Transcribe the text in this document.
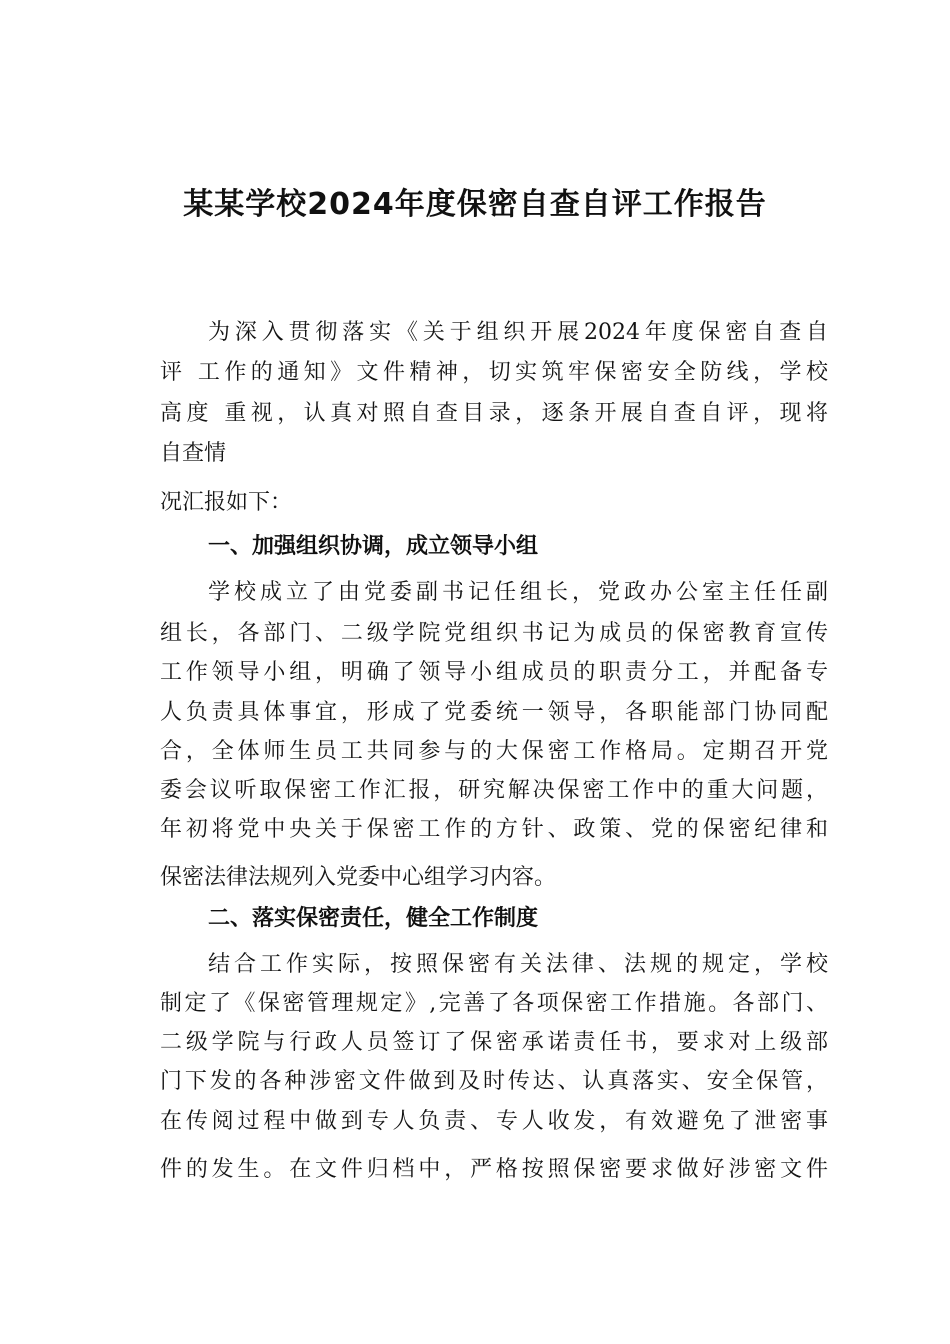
某某学校2024年度保密自查自评工作报告
为深入贯彻落实《关于组织开展2024年度保密自查自
评 工作的通知》文件精神，切实筑牢保密安全防线，学校
高度 重视，认真对照自查目录，逐条开展自查自评，现将
自查情
况汇报如下：
一、加强组织协调，成立领导小组
学校成立了由党委副书记任组长，党政办公室主任任副
组长，各部门、二级学院党组织书记为成员的保密教育宣传
工作领导小组，明确了领导小组成员的职责分工，并配备专
人负责具体事宜，形成了党委统一领导，各职能部门协同配
合，全体师生员工共同参与的大保密工作格局。定期召开党
委会议听取保密工作汇报，研究解决保密工作中的重大问题，
年初将党中央关于保密工作的方针、政策、党的保密纪律和
保密法律法规列入党委中心组学习内容。
二、落实保密责任，健全工作制度
结合工作实际，按照保密有关法律、法规的规定，学校
制定了《保密管理规定》,完善了各项保密工作措施。各部门、
二级学院与行政人员签订了保密承诺责任书，要求对上级部
门下发的各种涉密文件做到及时传达、认真落实、安全保管，
在传阅过程中做到专人负责、专人收发，有效避免了泄密事
件的发生。在文件归档中，严格按照保密要求做好涉密文件
